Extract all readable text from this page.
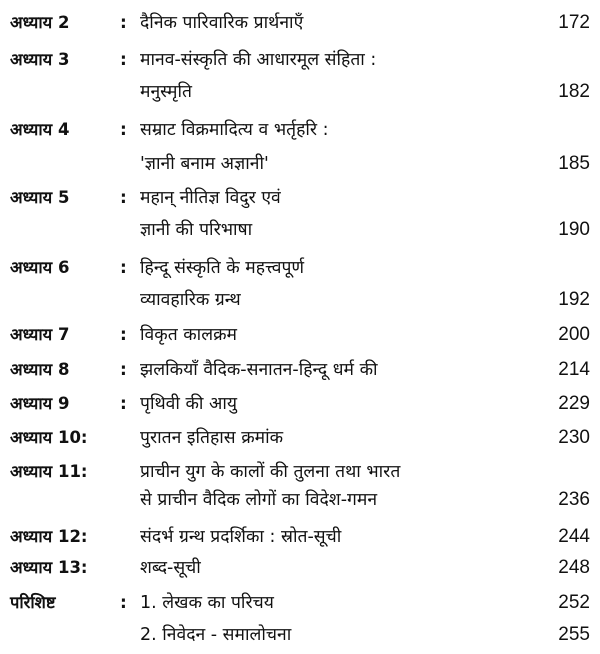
अध्याय 2	: दैनिक पारिवारिक प्रार्थनाएँ	172
अध्याय 3	: मानव-संस्कृति की आधारमूल संहिता :
मनुस्मृति	182
अध्याय 4	: सम्राट विक्रमादित्य व भर्तृहरि :
'ज्ञानी बनाम अज्ञानी'	185
अध्याय 5	: महान् नीतिज्ञ विदुर एवं
ज्ञानी की परिभाषा	190
अध्याय 6	: हिन्दू संस्कृति के महत्त्वपूर्ण
व्यावहारिक ग्रन्थ	192
अध्याय 7	: विकृत कालक्रम	200
अध्याय 8	: झलकियाँ वैदिक-सनातन-हिन्दू धर्म की	214
अध्याय 9	: पृथिवी की आयु	229
अध्याय 10:	पुरातन इतिहास क्रमांक	230
अध्याय 11:	प्राचीन युग के कालों की तुलना तथा भारत
से प्राचीन वैदिक लोगों का विदेश-गमन	236
अध्याय 12:	संदर्भ ग्रन्थ प्रदर्शिका : स्रोत-सूची	244
अध्याय 13:	शब्द-सूची	248
परिशिष्ट	: 1. लेखक का परिचय	252
2. निवेदन - समालोचना	255
